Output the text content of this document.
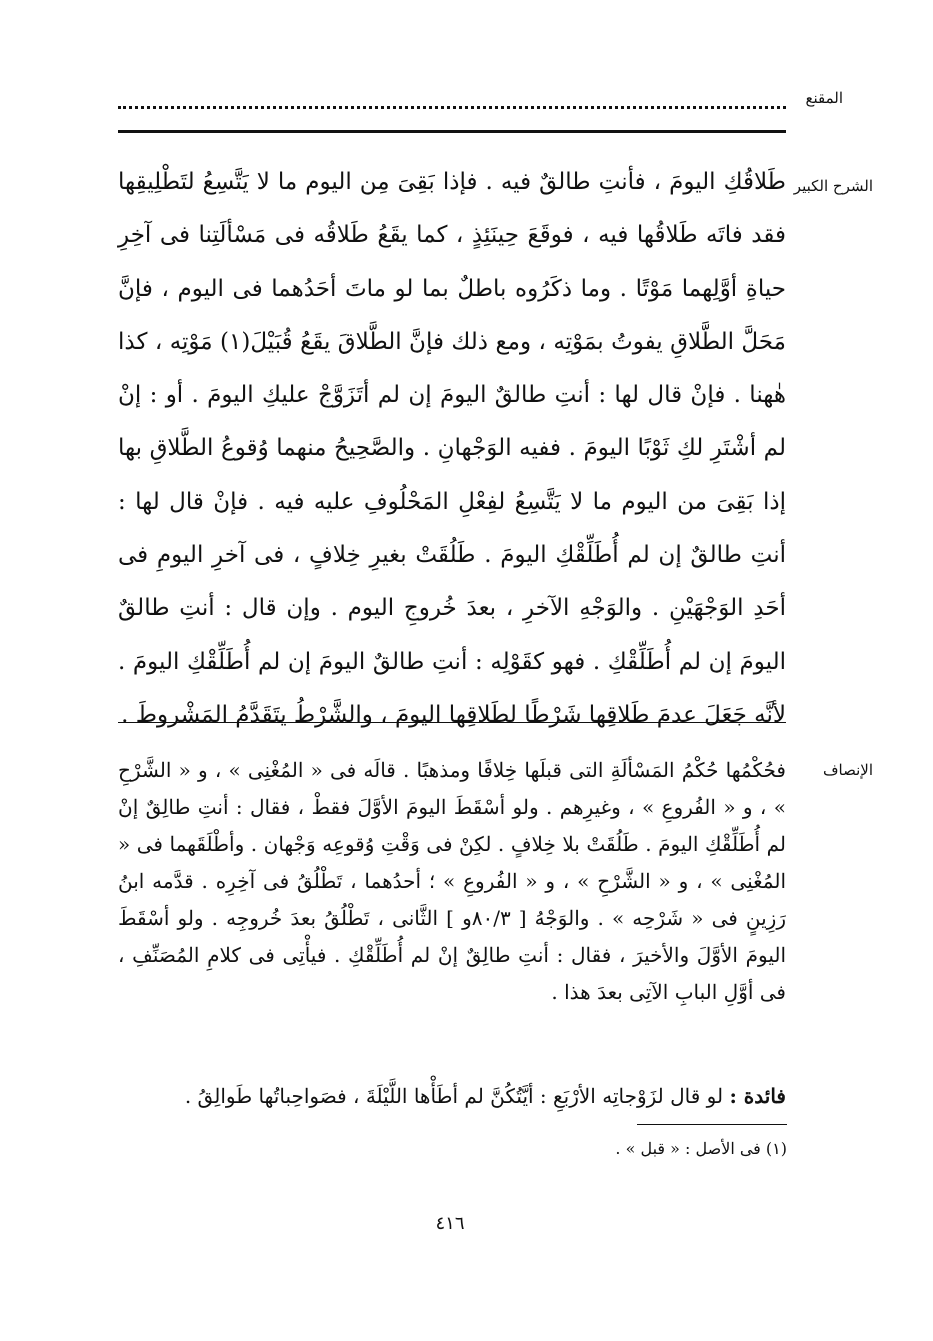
المقنع
الشرح الكبير

طَلاقُكِ اليومَ ، فأنتِ طالقٌ فيه . فإذا بَقِىَ مِن اليوم ما لا يَتَّسِعُ لتَطْلِيقِها فقد فاتَه طَلاقُها فيه ، فوقَعَ حِينَئِذٍ ، كما يقَعُ طَلاقُه فى مَسْألَتِنا فى آخِرِ حياةِ أوَّلِهما مَوْتًا . وما ذكَرُوه باطلٌ بما لو ماتَ أحَدُهما فى اليوم ، فإنَّ مَحَلَّ الطَّلاقِ يفوتُ بمَوْتِه ، ومع ذلك فإنَّ الطَّلاقَ يقَعُ قُبَيْلَ(١) مَوْتِه ، كذا هٰهنا . فإنْ قال لها : أنتِ طالقٌ اليومَ إن لم أتَزَوَّجْ عليكِ اليومَ . أو : إنْ لم أشْتَرِ لكِ ثَوْبًا اليومَ . ففيه الوَجْهانِ . والصَّحِيحُ منهما وُقوعُ الطَّلاقِ بها إذا بَقِىَ من اليوم ما لا يَتَّسِعُ لفِعْلِ المَحْلُوفِ عليه فيه . فإنْ قال لها : أنتِ طالقٌ إن لم أُطَلِّقْكِ اليومَ . طَلُقَتْ بغيرِ خِلافٍ ، فى آخرِ اليومِ فى أحَدِ الوَجْهَيْنِ . والوَجْهِ الآخرِ ، بعدَ خُروجِ اليوم . وإن قال : أنتِ طالقٌ اليومَ إن لم أُطَلِّقْكِ . فهو كقَوْلِه : أنتِ طالقٌ اليومَ إن لم أُطَلِّقْكِ اليومَ . لأنَّه جَعَلَ عدمَ طَلاقِها شَرْطًا لطَلاقِها اليومَ ، والشَّرْطُ يتَقَدَّمُ المَشْروطَ .

الإنصاف

فحُكْمُها حُكْمُ المَسْألَةِ التى قبلَها خِلافًا ومذهبًا . قالَه فى « المُغْنِى » ، و « الشَّرْحِ » ، و « الفُروعِ » ، وغيرِهم . ولو أسْقَطَ اليومَ الأوَّلَ فقطْ ، فقال : أنتِ طالِقٌ إنْ لم أُطَلِّقْكِ اليومَ . طَلُقَتْ بلا خِلافٍ . لكِنْ فى وَقْتِ وُقوعِه وَجْهان . وأطْلَقَهما فى « المُغْنِى » ، و « الشَّرْحِ » ، و « الفُروعِ » ؛ أحدُهما ، تَطْلُقُ فى آخِرِه . قدَّمه ابنُ رَزِينٍ فى « شَرْحِه » . والوَجْهُ [ ٨٠/٣و ] الثَّانى ، تَطْلُقُ بعدَ خُروجِه . ولو أسْقَطَ اليومَ الأوَّلَ والأخيرَ ، فقال : أنتِ طالِقٌ إنْ لم أُطَلِّقْكِ . فيأْتِى فى كلامِ المُصَنِّفِ ، فى أوَّلِ البابِ الآتِى بعدَ هذا .

فائدة : لو قال لزَوْجاتِه الأرْبَعِ : أيَّتُكُنَّ لم أطَأْها اللَّيْلَةَ ، فصَواحِباتُها طَوالِقُ .

(١) فى الأصل : « قبل » .
٤١٦
